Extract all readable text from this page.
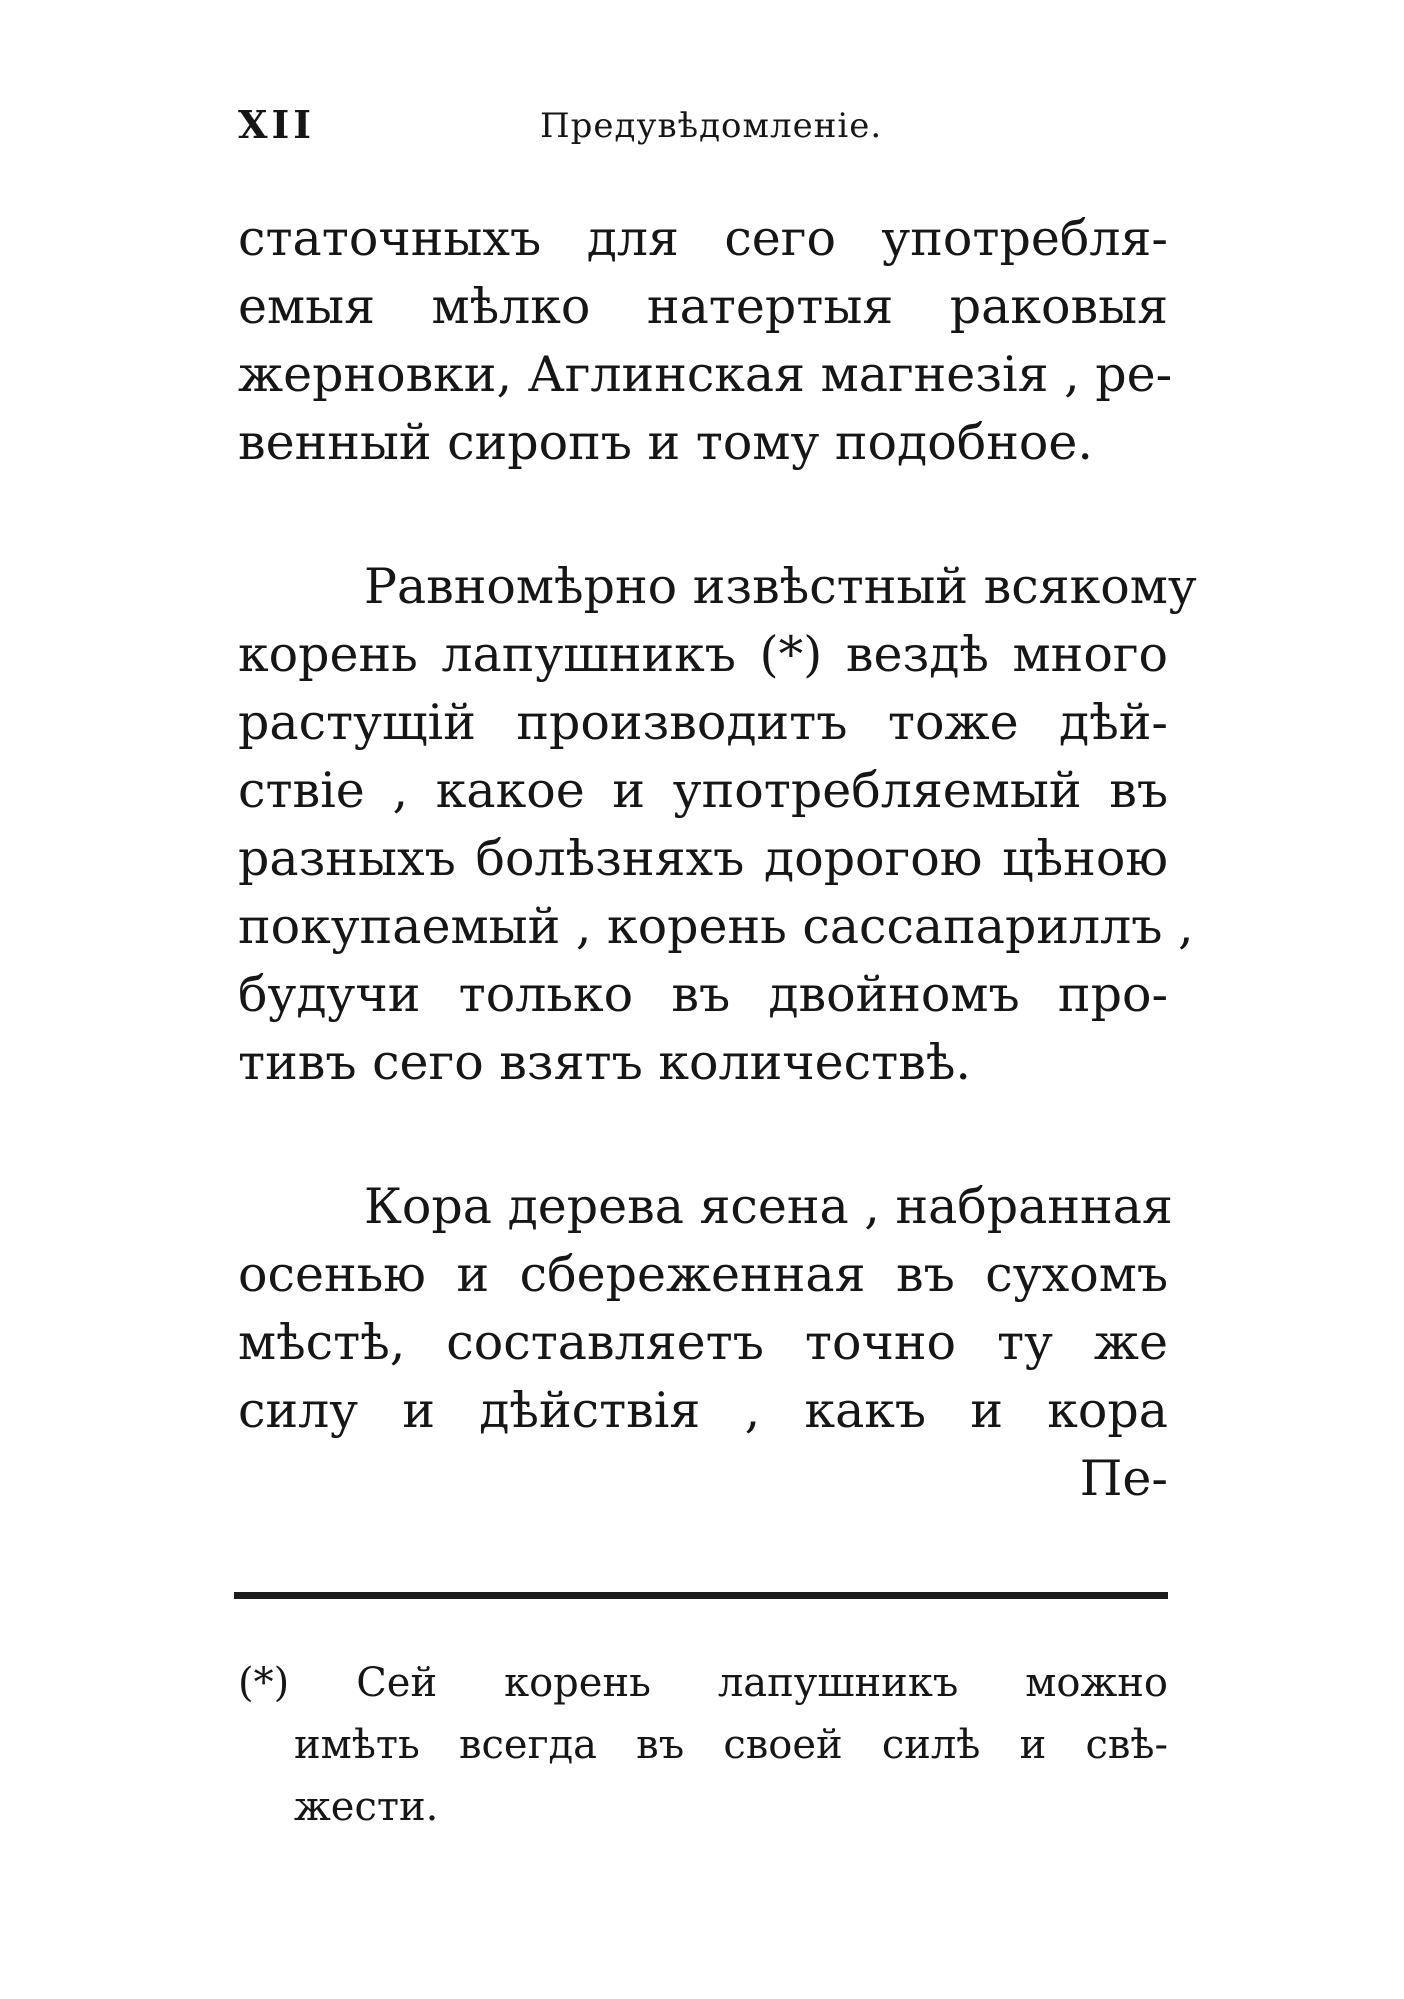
XII	Предувѣдомленіе.
статочныхъ для сего употребля-
емыя мѣлко натертыя раковыя
жерновки, Аглинская магнезія , ре-
венный сиропъ и тому подобное.
Равномѣрно извѣстный всякому
корень лапушникъ (*) вездѣ много
растущій производитъ тоже дѣй-
ствіе , какое и употребляемый въ
разныхъ болѣзняхъ дорогою цѣною
покупаемый , корень сассапариллъ ,
будучи только въ двойномъ про-
тивъ сего взятъ количествѣ.
Кора дерева ясена , набранная
осенью и сбереженная въ сухомъ
мѣстѣ, составляетъ точно ту же
силу и дѣйствія , какъ и кора
Пе-
(*) Сей корень лапушникъ можно
имѣть всегда въ своей силѣ и свѣ-
жести.
